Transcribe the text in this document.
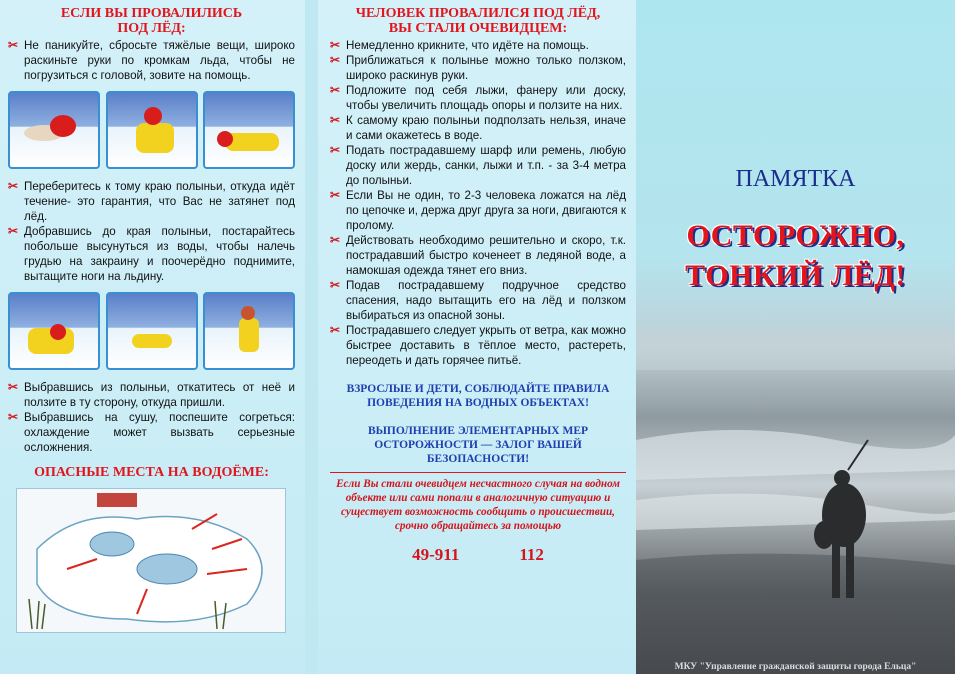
ЕСЛИ ВЫ ПРОВАЛИЛИСЬ
ПОД ЛЁД:
✂ Не паникуйте, сбросьте тяжёлые вещи, широко раскиньте руки по кромкам льда, чтобы не погрузиться с головой, зовите на помощь.
✂ Переберитесь к тому краю полыньи, откуда идёт течение- это гарантия, что Вас не затянет под лёд.
✂ Добравшись до края полыньи, постарайтесь побольше высунуться из воды, чтобы налечь грудью на закраину и поочерёдно поднимите, вытащите ноги на льдину.
✂ Выбравшись из полыньи, откатитесь от неё и ползите в ту сторону, откуда пришли.
✂ Выбравшись на сушу, поспешите согреться: охлаждение может вызвать серьезные осложнения.
ОПАСНЫЕ МЕСТА НА ВОДОЁМЕ:
ЧЕЛОВЕК ПРОВАЛИЛСЯ ПОД ЛЁД,
ВЫ СТАЛИ ОЧЕВИДЦЕМ:
✂ Немедленно крикните, что идёте на помощь.
✂ Приближаться к полынье можно только ползком, широко раскинув руки.
✂ Подложите под себя лыжи, фанеру или доску, чтобы увеличить площадь опоры и ползите на них.
✂ К самому краю полыньи подползать нельзя, иначе и сами окажетесь в воде.
✂ Подать пострадавшему шарф или ремень, любую доску или жердь, санки, лыжи и т.п. - за 3-4 метра до полыньи.
✂ Если Вы не один, то 2-3 человека ложатся на лёд по цепочке и, держа друг друга за ноги, двигаются к пролому.
✂ Действовать необходимо решительно и скоро, т.к. пострадавший быстро коченеет в ледяной воде, а намокшая одежда тянет его вниз.
✂ Подав пострадавшему подручное средство спасения, надо вытащить его на лёд и ползком выбираться из опасной зоны.
✂ Пострадавшего следует укрыть от ветра, как можно быстрее доставить в тёплое место, растереть, переодеть и дать горячее питьё.
ВЗРОСЛЫЕ И ДЕТИ, СОБЛЮДАЙТЕ ПРАВИЛА ПОВЕДЕНИЯ НА ВОДНЫХ ОБЪЕКТАХ!
ВЫПОЛНЕНИЕ ЭЛЕМЕНТАРНЫХ МЕР ОСТОРОЖНОСТИ — ЗАЛОГ ВАШЕЙ БЕЗОПАСНОСТИ!
Если Вы стали очевидцем несчастного случая на водном объекте или сами попали в аналогичную ситуацию и существует возможность сообщить о происшествии, срочно обращайтесь за помощью
49-911	112
ПАМЯТКА
ОСТОРОЖНО,
ТОНКИЙ ЛЁД!
МКУ "Управление гражданской защиты города Ельца"
